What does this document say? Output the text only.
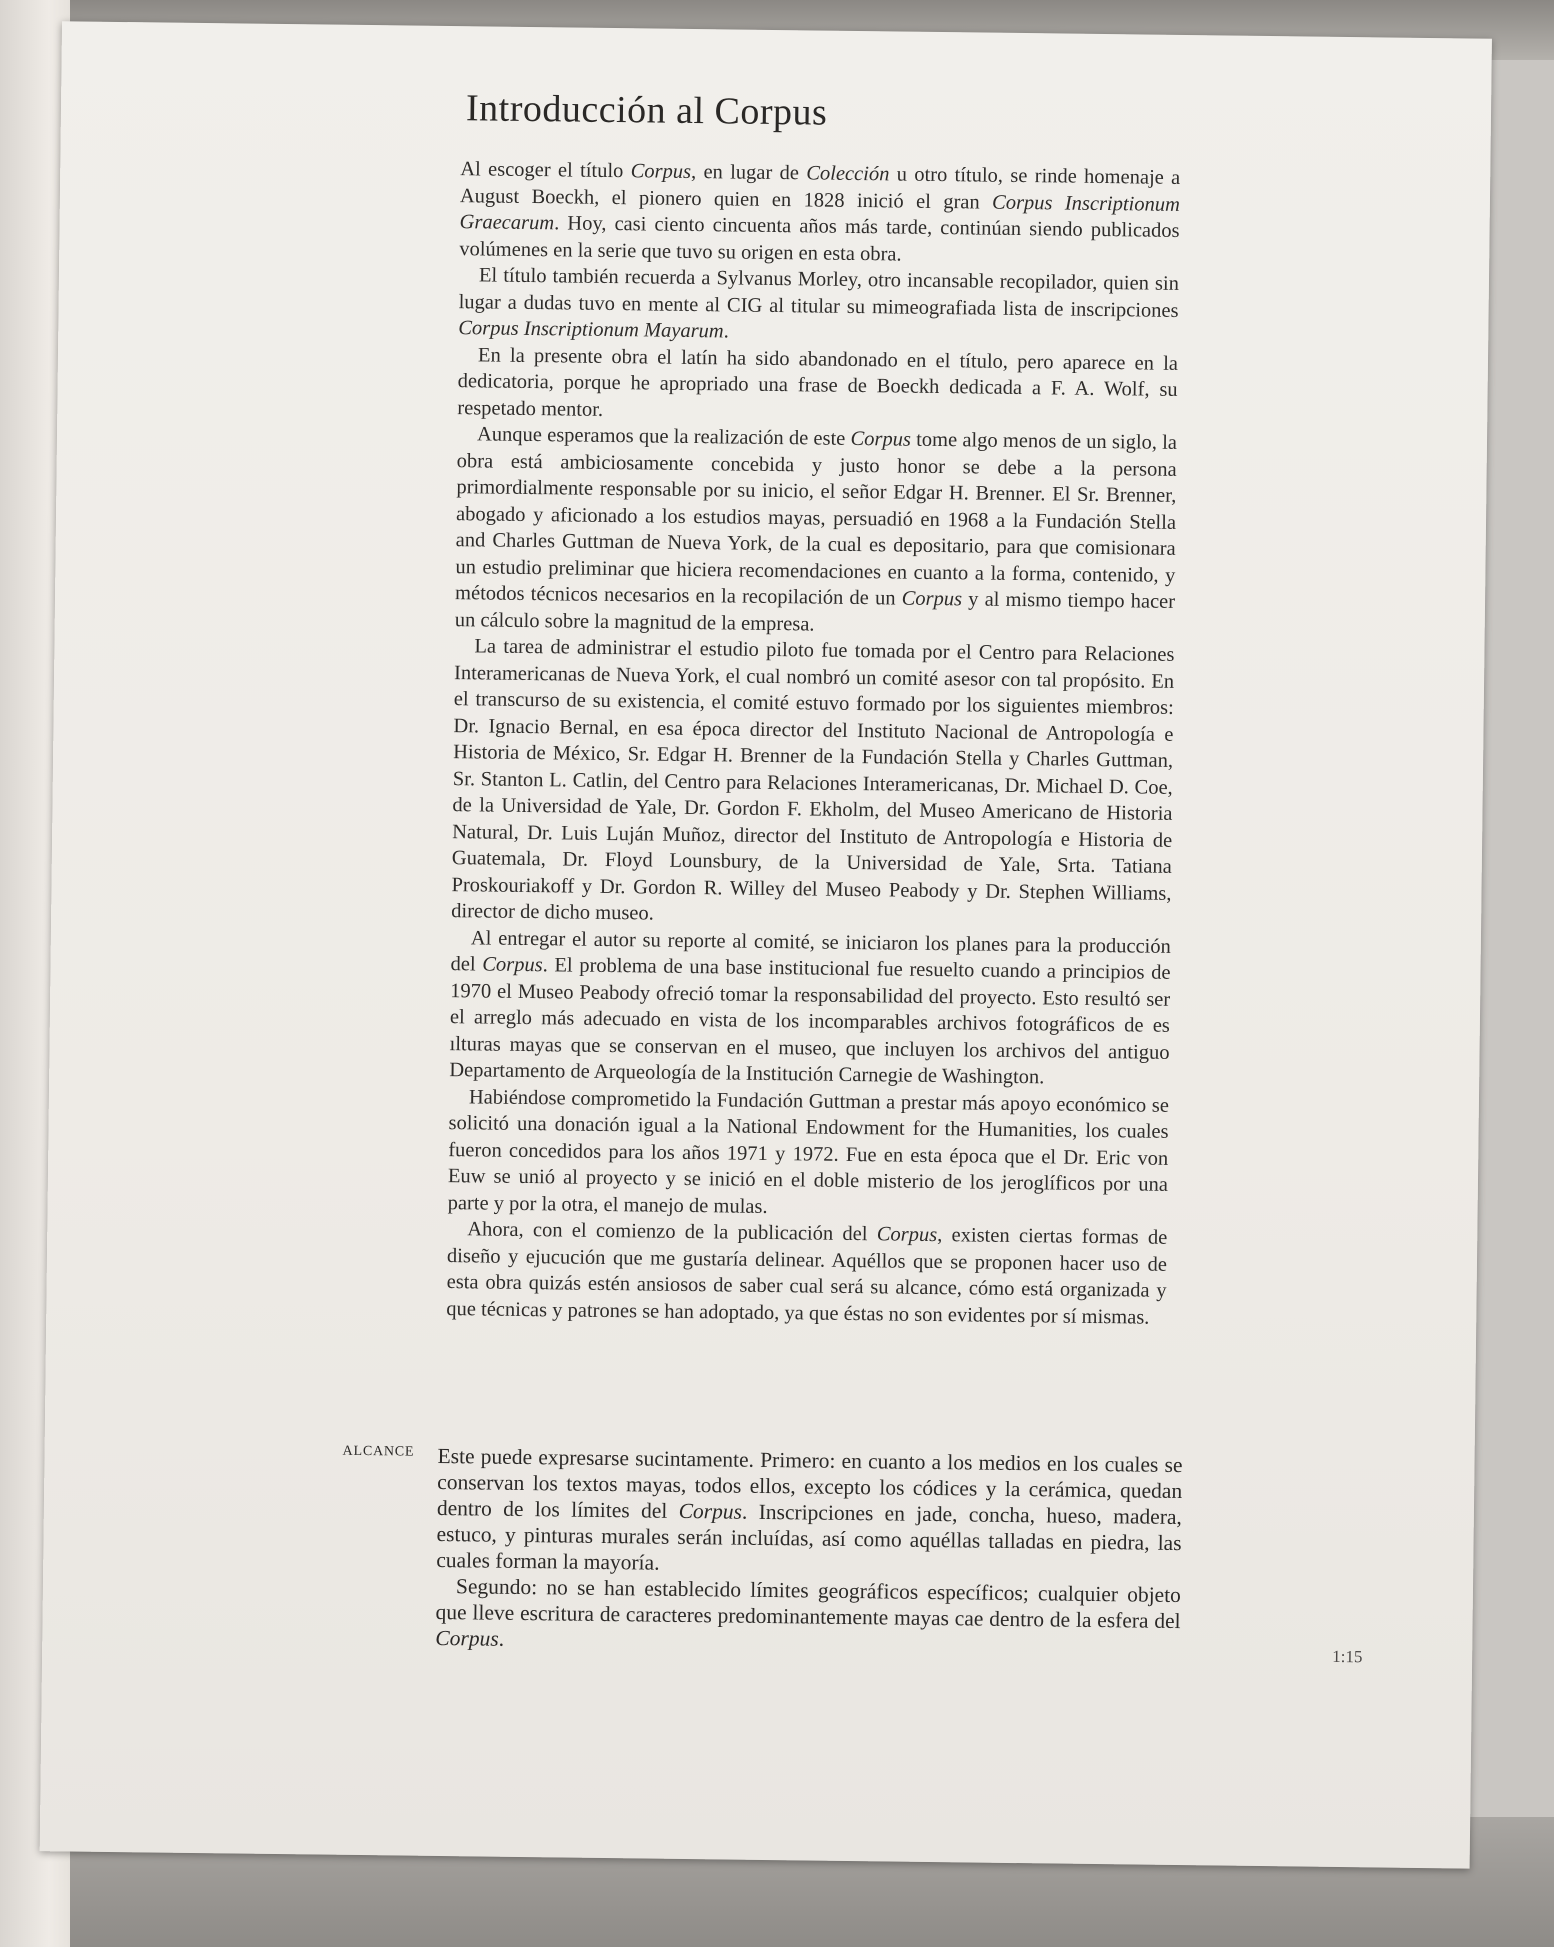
Introducción al Corpus

Al escoger el título Corpus, en lugar de Colección u otro título, se rinde homenaje a August Boeckh, el pionero quien en 1828 inició el gran Corpus Inscriptionum Graecarum. Hoy, casi ciento cincuenta años más tarde, continúan siendo publicados volúmenes en la serie que tuvo su origen en esta obra.

El título también recuerda a Sylvanus Morley, otro incansable recopilador, quien sin lugar a dudas tuvo en mente al CIG al titular su mimeografiada lista de inscripciones Corpus Inscriptionum Mayarum.

En la presente obra el latín ha sido abandonado en el título, pero aparece en la dedicatoria, porque he apropriado una frase de Boeckh dedicada a F. A. Wolf, su respetado mentor.

Aunque esperamos que la realización de este Corpus tome algo menos de un siglo, la obra está ambiciosamente concebida y justo honor se debe a la persona primordialmente responsable por su inicio, el señor Edgar H. Brenner. El Sr. Brenner, abogado y aficionado a los estudios mayas, persuadió en 1968 a la Fundación Stella and Charles Guttman de Nueva York, de la cual es depositario, para que comisionara un estudio preliminar que hiciera recomendaciones en cuanto a la forma, contenido, y métodos técnicos necesarios en la recopilación de un Corpus y al mismo tiempo hacer un cálculo sobre la magnitud de la empresa.

La tarea de administrar el estudio piloto fue tomada por el Centro para Relaciones Interamericanas de Nueva York, el cual nombró un comité asesor con tal propósito. En el transcurso de su existencia, el comité estuvo formado por los siguientes miembros: Dr. Ignacio Bernal, en esa época director del Instituto Nacional de Antropología e Historia de México, Sr. Edgar H. Brenner de la Fundación Stella y Charles Guttman, Sr. Stanton L. Catlin, del Centro para Relaciones Interamericanas, Dr. Michael D. Coe, de la Universidad de Yale, Dr. Gordon F. Ekholm, del Museo Americano de Historia Natural, Dr. Luis Luján Muñoz, director del Instituto de Antropología e Historia de Guatemala, Dr. Floyd Lounsbury, de la Universidad de Yale, Srta. Tatiana Proskouriakoff y Dr. Gordon R. Willey del Museo Peabody y Dr. Stephen Williams, director de dicho museo.

Al entregar el autor su reporte al comité, se iniciaron los planes para la producción del Corpus. El problema de una base institucional fue resuelto cuando a principios de 1970 el Museo Peabody ofreció tomar la responsabilidad del proyecto. Esto resultó ser el arreglo más adecuado en vista de los incomparables archivos fotográficos de es ılturas mayas que se conservan en el museo, que incluyen los archivos del antiguo Departamento de Arqueología de la Institución Carnegie de Washington.

Habiéndose comprometido la Fundación Guttman a prestar más apoyo económico se solicitó una donación igual a la National Endowment for the Humanities, los cuales fueron concedidos para los años 1971 y 1972. Fue en esta época que el Dr. Eric von Euw se unió al proyecto y se inició en el doble misterio de los jeroglíficos por una parte y por la otra, el manejo de mulas.

Ahora, con el comienzo de la publicación del Corpus, existen ciertas formas de diseño y ejucución que me gustaría delinear. Aquéllos que se proponen hacer uso de esta obra quizás estén ansiosos de saber cual será su alcance, cómo está organizada y que técnicas y patrones se han adoptado, ya que éstas no son evidentes por sí mismas.

ALCANCE Este puede expresarse sucintamente. Primero: en cuanto a los medios en los cuales se conservan los textos mayas, todos ellos, excepto los códices y la cerámica, quedan dentro de los límites del Corpus. Inscripciones en jade, concha, hueso, madera, estuco, y pinturas murales serán incluídas, así como aquéllas talladas en piedra, las cuales forman la mayoría.

Segundo: no se han establecido límites geográficos específicos; cualquier objeto que lleve escritura de caracteres predominantemente mayas cae dentro de la esfera del Corpus.

1:15
